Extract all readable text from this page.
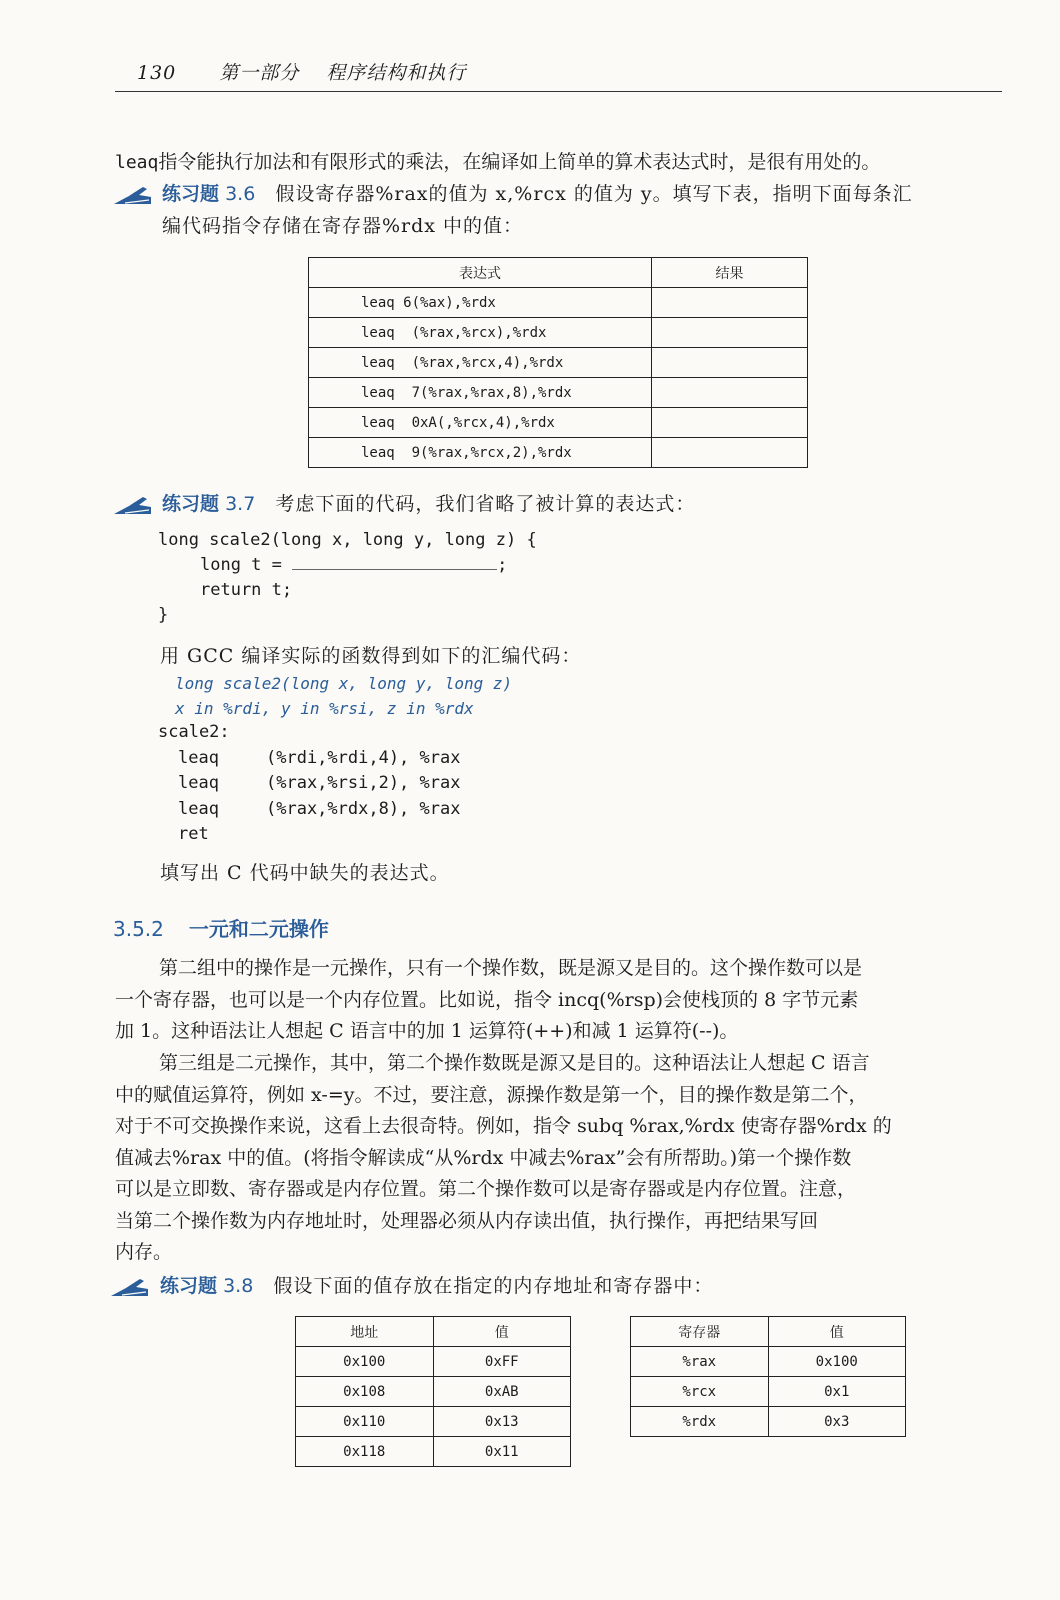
130 第一部分 程序结构和执行
leaq指令能执行加法和有限形式的乘法，在编译如上简单的算术表达式时，是很有用处的。
练习题 3.6 假设寄存器%rax的值为 x,%rcx 的值为 y。填写下表，指明下面每条汇
编代码指令存储在寄存器%rdx 中的值：
表达式	结果
leaq 6(%ax),%rdx	
leaq  (%rax,%rcx),%rdx	
leaq  (%rax,%rcx,4),%rdx	
leaq  7(%rax,%rax,8),%rdx	
leaq  0xA(,%rcx,4),%rdx	
leaq  9(%rax,%rcx,2),%rdx	
练习题 3.7 考虑下面的代码，我们省略了被计算的表达式：
long scale2(long x, long y, long z) {
long t =	;
return t;
}
用 GCC 编译实际的函数得到如下的汇编代码：
long scale2(long x, long y, long z)
x in %rdi, y in %rsi, z in %rdx
scale2:
leaq	(%rdi,%rdi,4), %rax
leaq	(%rax,%rsi,2), %rax
leaq	(%rax,%rdx,8), %rax
ret
填写出 C 代码中缺失的表达式。
3.5.2 一元和二元操作
第二组中的操作是一元操作，只有一个操作数，既是源又是目的。这个操作数可以是
一个寄存器，也可以是一个内存位置。比如说，指令 incq(%rsp)会使栈顶的 8 字节元素
加 1。这种语法让人想起 C 语言中的加 1 运算符(++)和减 1 运算符(--)。
第三组是二元操作，其中，第二个操作数既是源又是目的。这种语法让人想起 C 语言
中的赋值运算符，例如 x-=y。不过，要注意，源操作数是第一个，目的操作数是第二个，
对于不可交换操作来说，这看上去很奇特。例如，指令 subq %rax,%rdx 使寄存器%rdx 的
值减去%rax 中的值。(将指令解读成“从%rdx 中减去%rax”会有所帮助。)第一个操作数
可以是立即数、寄存器或是内存位置。第二个操作数可以是寄存器或是内存位置。注意，
当第二个操作数为内存地址时，处理器必须从内存读出值，执行操作，再把结果写回
内存。
练习题 3.8 假设下面的值存放在指定的内存地址和寄存器中：
地址	值
0x100	0xFF
0x108	0xAB
0x110	0x13
0x118	0x11
寄存器	值
%rax	0x100
%rcx	0x1
%rdx	0x3
